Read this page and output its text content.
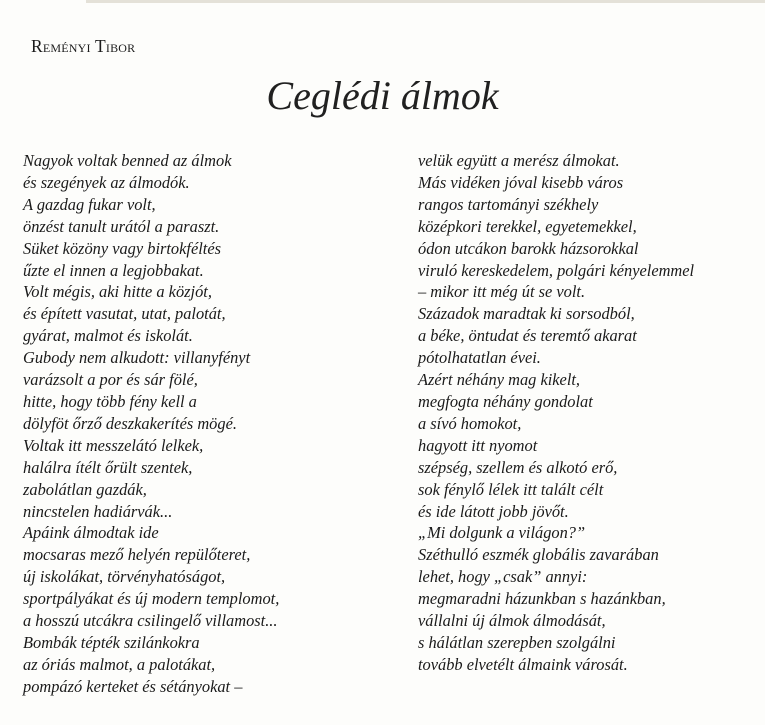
Reményi Tibor
Ceglédi álmok
Nagyok voltak benned az álmok
és szegények az álmodók.
A gazdag fukar volt,
önzést tanult urától a paraszt.
Süket közöny vagy birtokféltés
űzte el innen a legjobbakat.
Volt mégis, aki hitte a közjót,
és épített vasutat, utat, palotát,
gyárat, malmot és iskolát.
Gubody nem alkudott: villanyfényt
varázsolt a por és sár fölé,
hitte, hogy több fény kell a
dölyföt őrző deszkakerítés mögé.
Voltak itt messzelátó lelkek,
halálra ítélt őrült szentek,
zabolátlan gazdák,
nincstelen hadiárvák...
Apáink álmodtak ide
mocsaras mező helyén repülőteret,
új iskolákat, törvényhatóságot,
sportpályákat és új modern templomot,
a hosszú utcákra csilingelő villamost...
Bombák tépték szilánkokra
az óriás malmot, a palotákat,
pompázó kerteket és sétányokat –
velük együtt a merész álmokat.
Más vidéken jóval kisebb város
rangos tartományi székhely
középkori terekkel, egyetemekkel,
ódon utcákon barokk házsorokkal
viruló kereskedelem, polgári kényelemmel
– mikor itt még út se volt.
Századok maradtak ki sorsodból,
a béke, öntudat és teremtő akarat
pótolhatatlan évei.
Azért néhány mag kikelt,
megfogta néhány gondolat
a sívó homokot,
hagyott itt nyomot
szépség, szellem és alkotó erő,
sok fénylő lélek itt talált célt
és ide látott jobb jövőt.
„Mi dolgunk a világon?”
Széthulló eszmék globális zavarában
lehet, hogy „csak” annyi:
megmaradni házunkban s hazánkban,
vállalni új álmok álmodását,
s hálátlan szerepben szolgálni
tovább elvetélt álmaink városát.
